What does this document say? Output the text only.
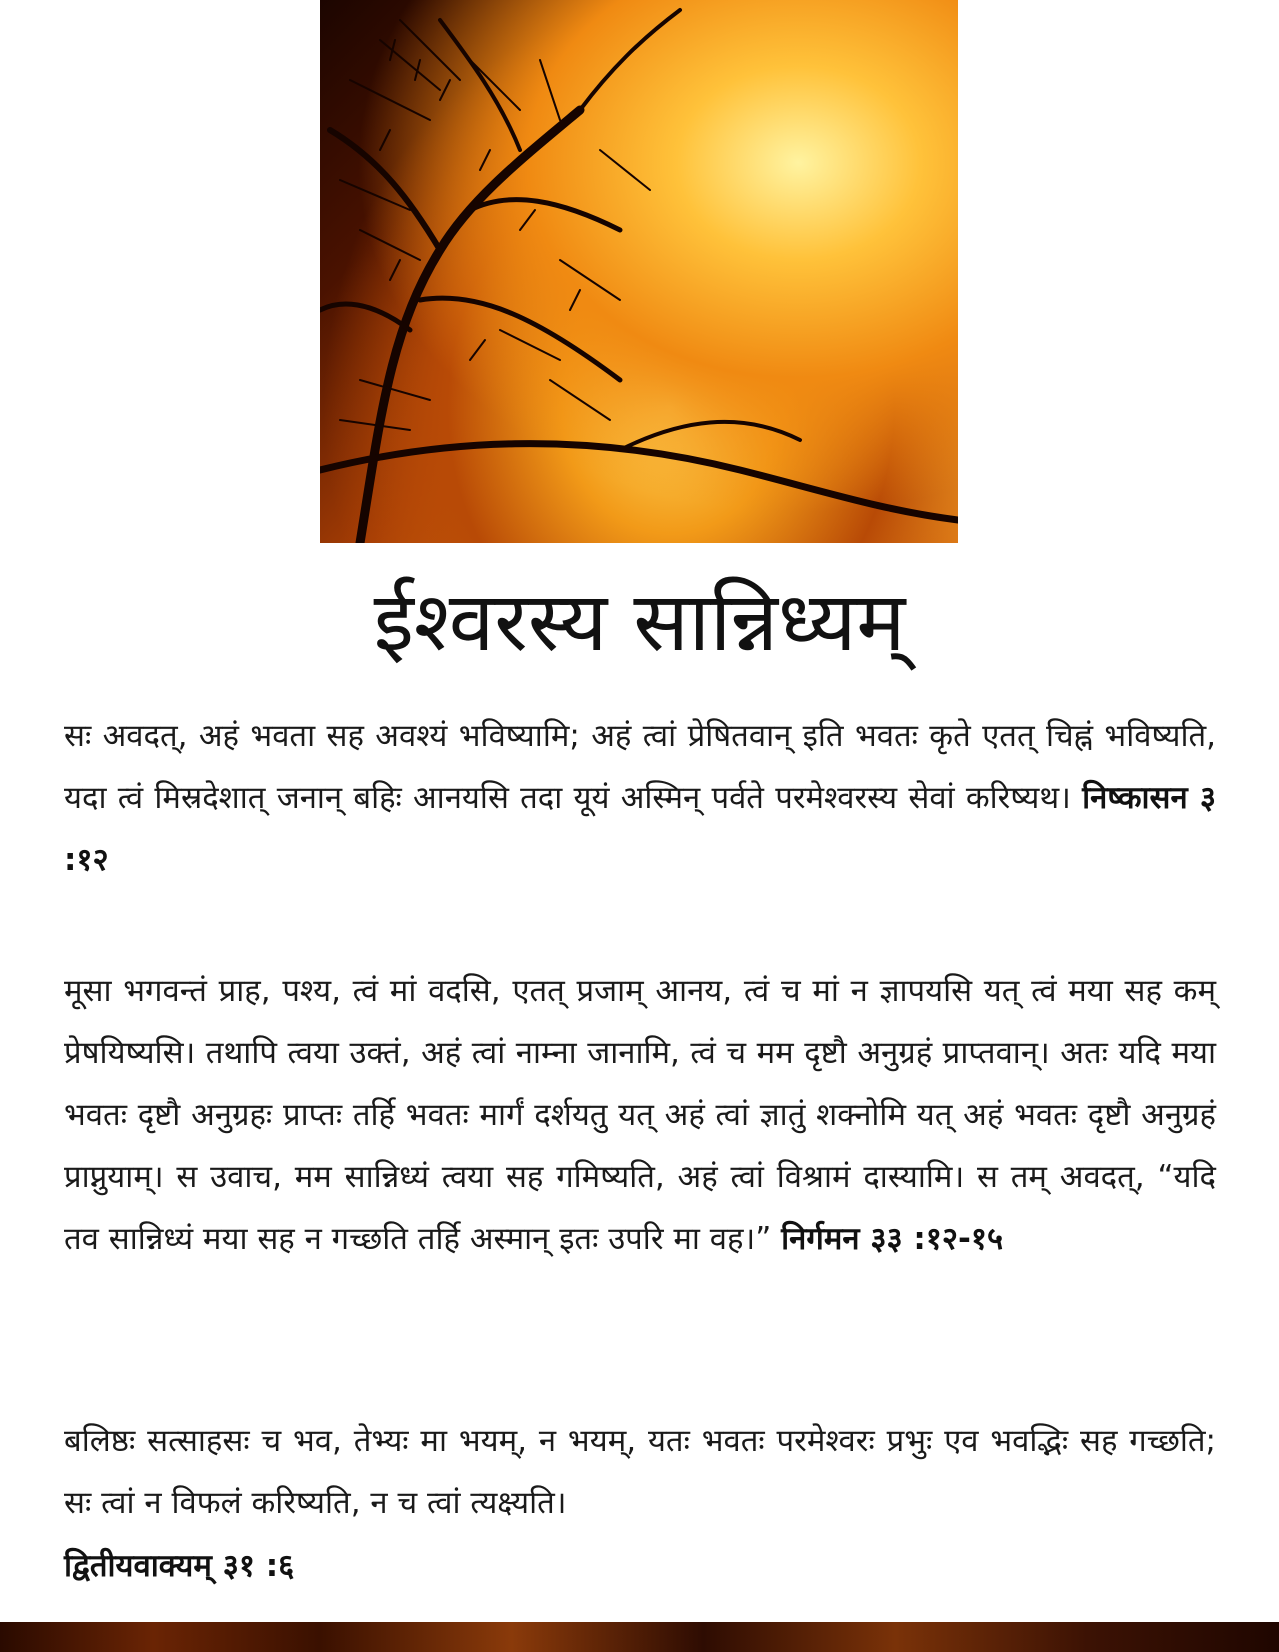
ईश्वरस्य सान्निध्यम्

सः अवदत्, अहं भवता सह अवश्यं भविष्यामि; अहं त्वां प्रेषितवान् इति भवतः कृते एतत् चिह्नं भविष्यति, यदा त्वं मिस्रदेशात् जनान् बहिः आनयसि तदा यूयं अस्मिन् पर्वते परमेश्वरस्य सेवां करिष्यथ। निष्कासन ३ :१२

मूसा भगवन्तं प्राह, पश्य, त्वं मां वदसि, एतत् प्रजाम् आनय, त्वं च मां न ज्ञापयसि यत् त्वं मया सह कम् प्रेषयिष्यसि। तथापि त्वया उक्तं, अहं त्वां नाम्ना जानामि, त्वं च मम दृष्टौ अनुग्रहं प्राप्तवान्। अतः यदि मया भवतः दृष्टौ अनुग्रहः प्राप्तः तर्हि भवतः मार्गं दर्शयतु यत् अहं त्वां ज्ञातुं शक्नोमि यत् अहं भवतः दृष्टौ अनुग्रहं प्राप्नुयाम्। स उवाच, मम सान्निध्यं त्वया सह गमिष्यति, अहं त्वां विश्रामं दास्यामि। स तम् अवदत्, “यदि तव सान्निध्यं मया सह न गच्छति तर्हि अस्मान् इतः उपरि मा वह।” निर्गमन ३३ :१२-१५

बलिष्ठः सत्साहसः च भव, तेभ्यः मा भयम्, न भयम्, यतः भवतः परमेश्वरः प्रभुः एव भवद्भिः सह गच्छति; सः त्वां न विफलं करिष्यति, न च त्वां त्यक्ष्यति।

द्वितीयवाक्यम् ३१ :६
